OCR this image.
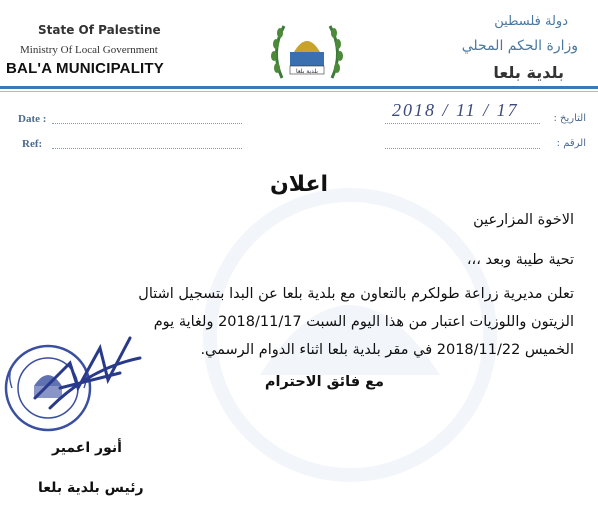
State Of Palestine
Ministry Of Local Government
BAL'A MUNICIPALITY	بلدية بلعا
دولة فلسطين
وزارة الحكم المحلي
بلدية بلعا
Date :
Ref:
التاريخ :
الرقم :
2018 / 11 / 17
اعلان
الاخوة المزارعين
تحية طيبة وبعد ،،،
تعلن مديرية زراعة طولكرم بالتعاون مع بلدية بلعا عن البدا بتسجيل اشتال
الزيتون واللوزيات اعتبار من هذا اليوم السبت 2018/11/17 ولغاية يوم
الخميس 2018/11/22 في مقر بلدية بلعا اثناء الدوام الرسمي.
مع فائق الاحترام
أنور اعمير
رئيس بلدية بلعا
